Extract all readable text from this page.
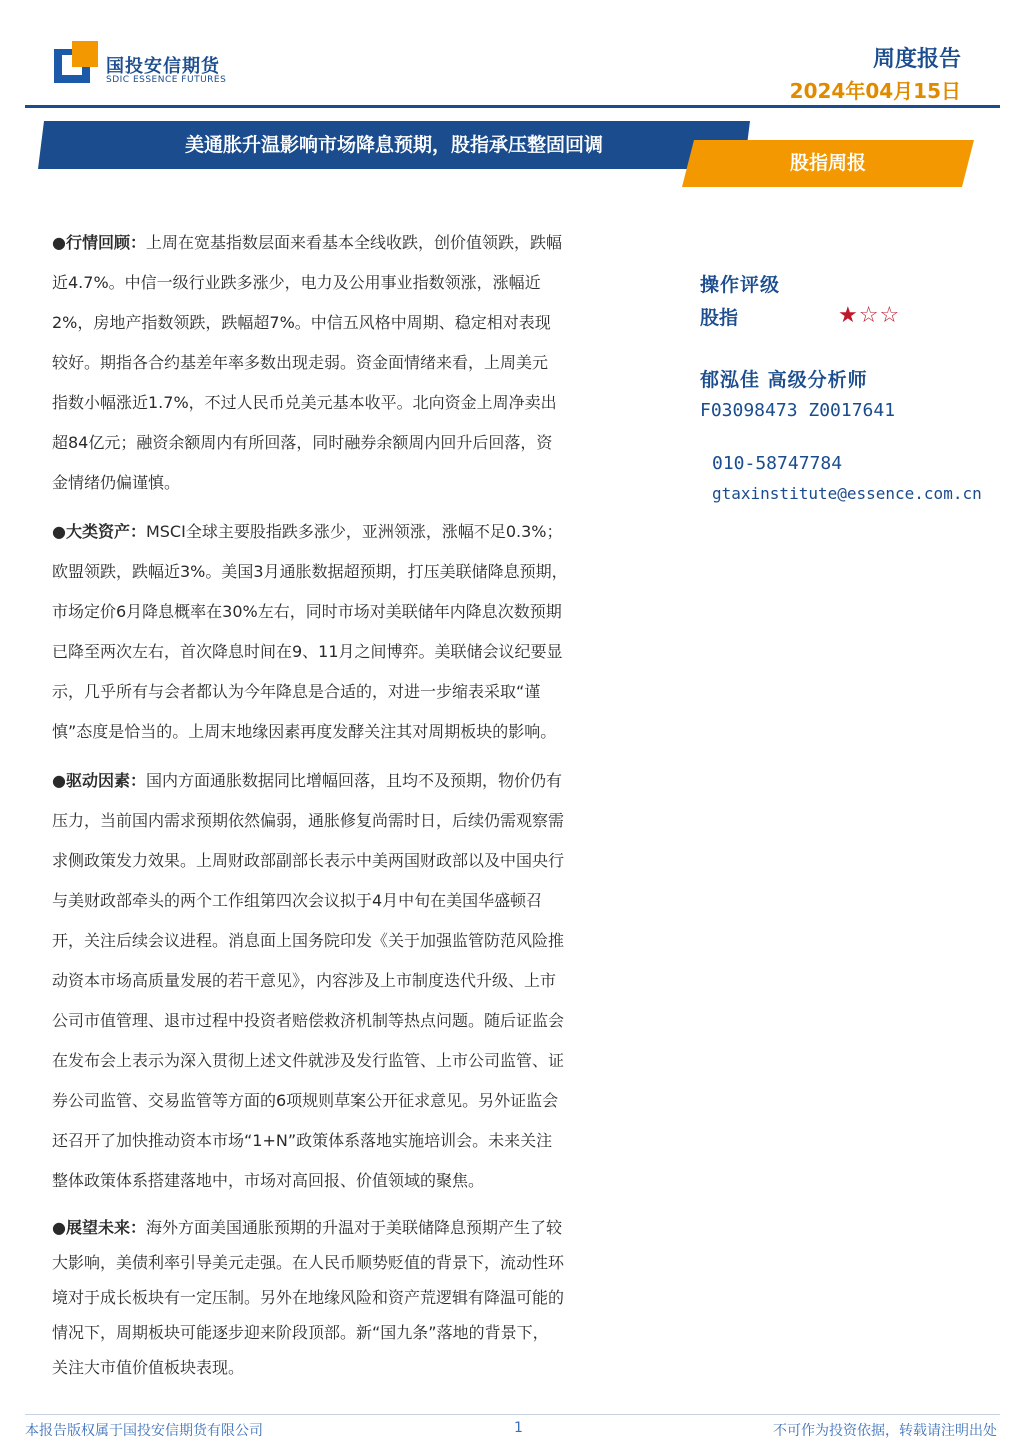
国投安信期货
SDIC ESSENCE FUTURES
周度报告
2024年04月15日
美通胀升温影响市场降息预期，股指承压整固回调
股指周报

●行情回顾：上周在宽基指数层面来看基本全线收跌，创价值领跌，跌幅

近4.7%。中信一级行业跌多涨少，电力及公用事业指数领涨，涨幅近

2%，房地产指数领跌，跌幅超7%。中信五风格中周期、稳定相对表现

较好。期指各合约基差年率多数出现走弱。资金面情绪来看，上周美元

指数小幅涨近1.7%，不过人民币兑美元基本收平。北向资金上周净卖出

超84亿元；融资余额周内有所回落，同时融券余额周内回升后回落，资

金情绪仍偏谨慎。

●大类资产：MSCI全球主要股指跌多涨少，亚洲领涨，涨幅不足0.3%；

欧盟领跌，跌幅近3%。美国3月通胀数据超预期，打压美联储降息预期，

市场定价6月降息概率在30%左右，同时市场对美联储年内降息次数预期

已降至两次左右，首次降息时间在9、11月之间博弈。美联储会议纪要显

示，几乎所有与会者都认为今年降息是合适的，对进一步缩表采取“谨

慎”态度是恰当的。上周末地缘因素再度发酵关注其对周期板块的影响。

●驱动因素：国内方面通胀数据同比增幅回落，且均不及预期，物价仍有

压力，当前国内需求预期依然偏弱，通胀修复尚需时日，后续仍需观察需

求侧政策发力效果。上周财政部副部长表示中美两国财政部以及中国央行

与美财政部牵头的两个工作组第四次会议拟于4月中旬在美国华盛顿召

开，关注后续会议进程。消息面上国务院印发《关于加强监管防范风险推

动资本市场高质量发展的若干意见》，内容涉及上市制度迭代升级、上市

公司市值管理、退市过程中投资者赔偿救济机制等热点问题。随后证监会

在发布会上表示为深入贯彻上述文件就涉及发行监管、上市公司监管、证

券公司监管、交易监管等方面的6项规则草案公开征求意见。另外证监会

还召开了加快推动资本市场“1+N”政策体系落地实施培训会。未来关注

整体政策体系搭建落地中，市场对高回报、价值领域的聚焦。

●展望未来：海外方面美国通胀预期的升温对于美联储降息预期产生了较

大影响，美债利率引导美元走强。在人民币顺势贬值的背景下，流动性环

境对于成长板块有一定压制。另外在地缘风险和资产荒逻辑有降温可能的

情况下，周期板块可能逐步迎来阶段顶部。新“国九条”落地的背景下，

关注大市值价值板块表现。

操作评级
股指	★☆☆
郁泓佳 高级分析师
F03098473 Z0017641
010-58747784
gtaxinstitute@essence.com.cn
本报告版权属于国投安信期货有限公司	1	不可作为投资依据，转载请注明出处
